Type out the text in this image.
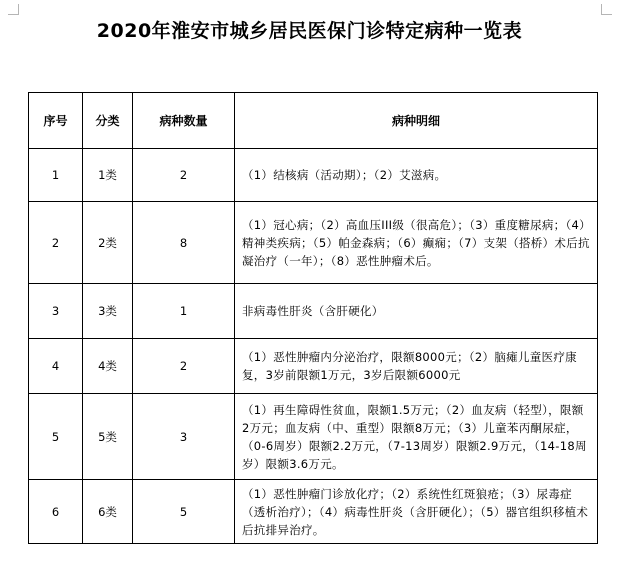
2020年淮安市城乡居民医保门诊特定病种一览表
序号	分类	病种数量	病种明细
1	1类	2	（1）结核病（活动期）；（2）艾滋病。
2	2类	8	（1）冠心病；（2）高血压III级（很高危）；（3）重度糖尿病；（4）精神类疾病；（5）帕金森病；（6）癫痫；（7）支架（搭桥）术后抗凝治疗（一年）；（8）恶性肿瘤术后。
3	3类	1	非病毒性肝炎（含肝硬化）
4	4类	2	（1）恶性肿瘤内分泌治疗，限额8000元；（2）脑瘫儿童医疗康复，3岁前限额1万元，3岁后限额6000元
5	5类	3	（1）再生障碍性贫血，限额1.5万元；（2）血友病（轻型），限额2万元；血友病（中、重型）限额8万元；（3）儿童苯丙酮尿症，（0-6周岁）限额2.2万元，（7-13周岁）限额2.9万元，（14-18周岁）限额3.6万元。
6	6类	5	（1）恶性肿瘤门诊放化疗；（2）系统性红斑狼疮；（3）尿毒症（透析治疗）；（4）病毒性肝炎（含肝硬化）；（5）器官组织移植术后抗排异治疗。
